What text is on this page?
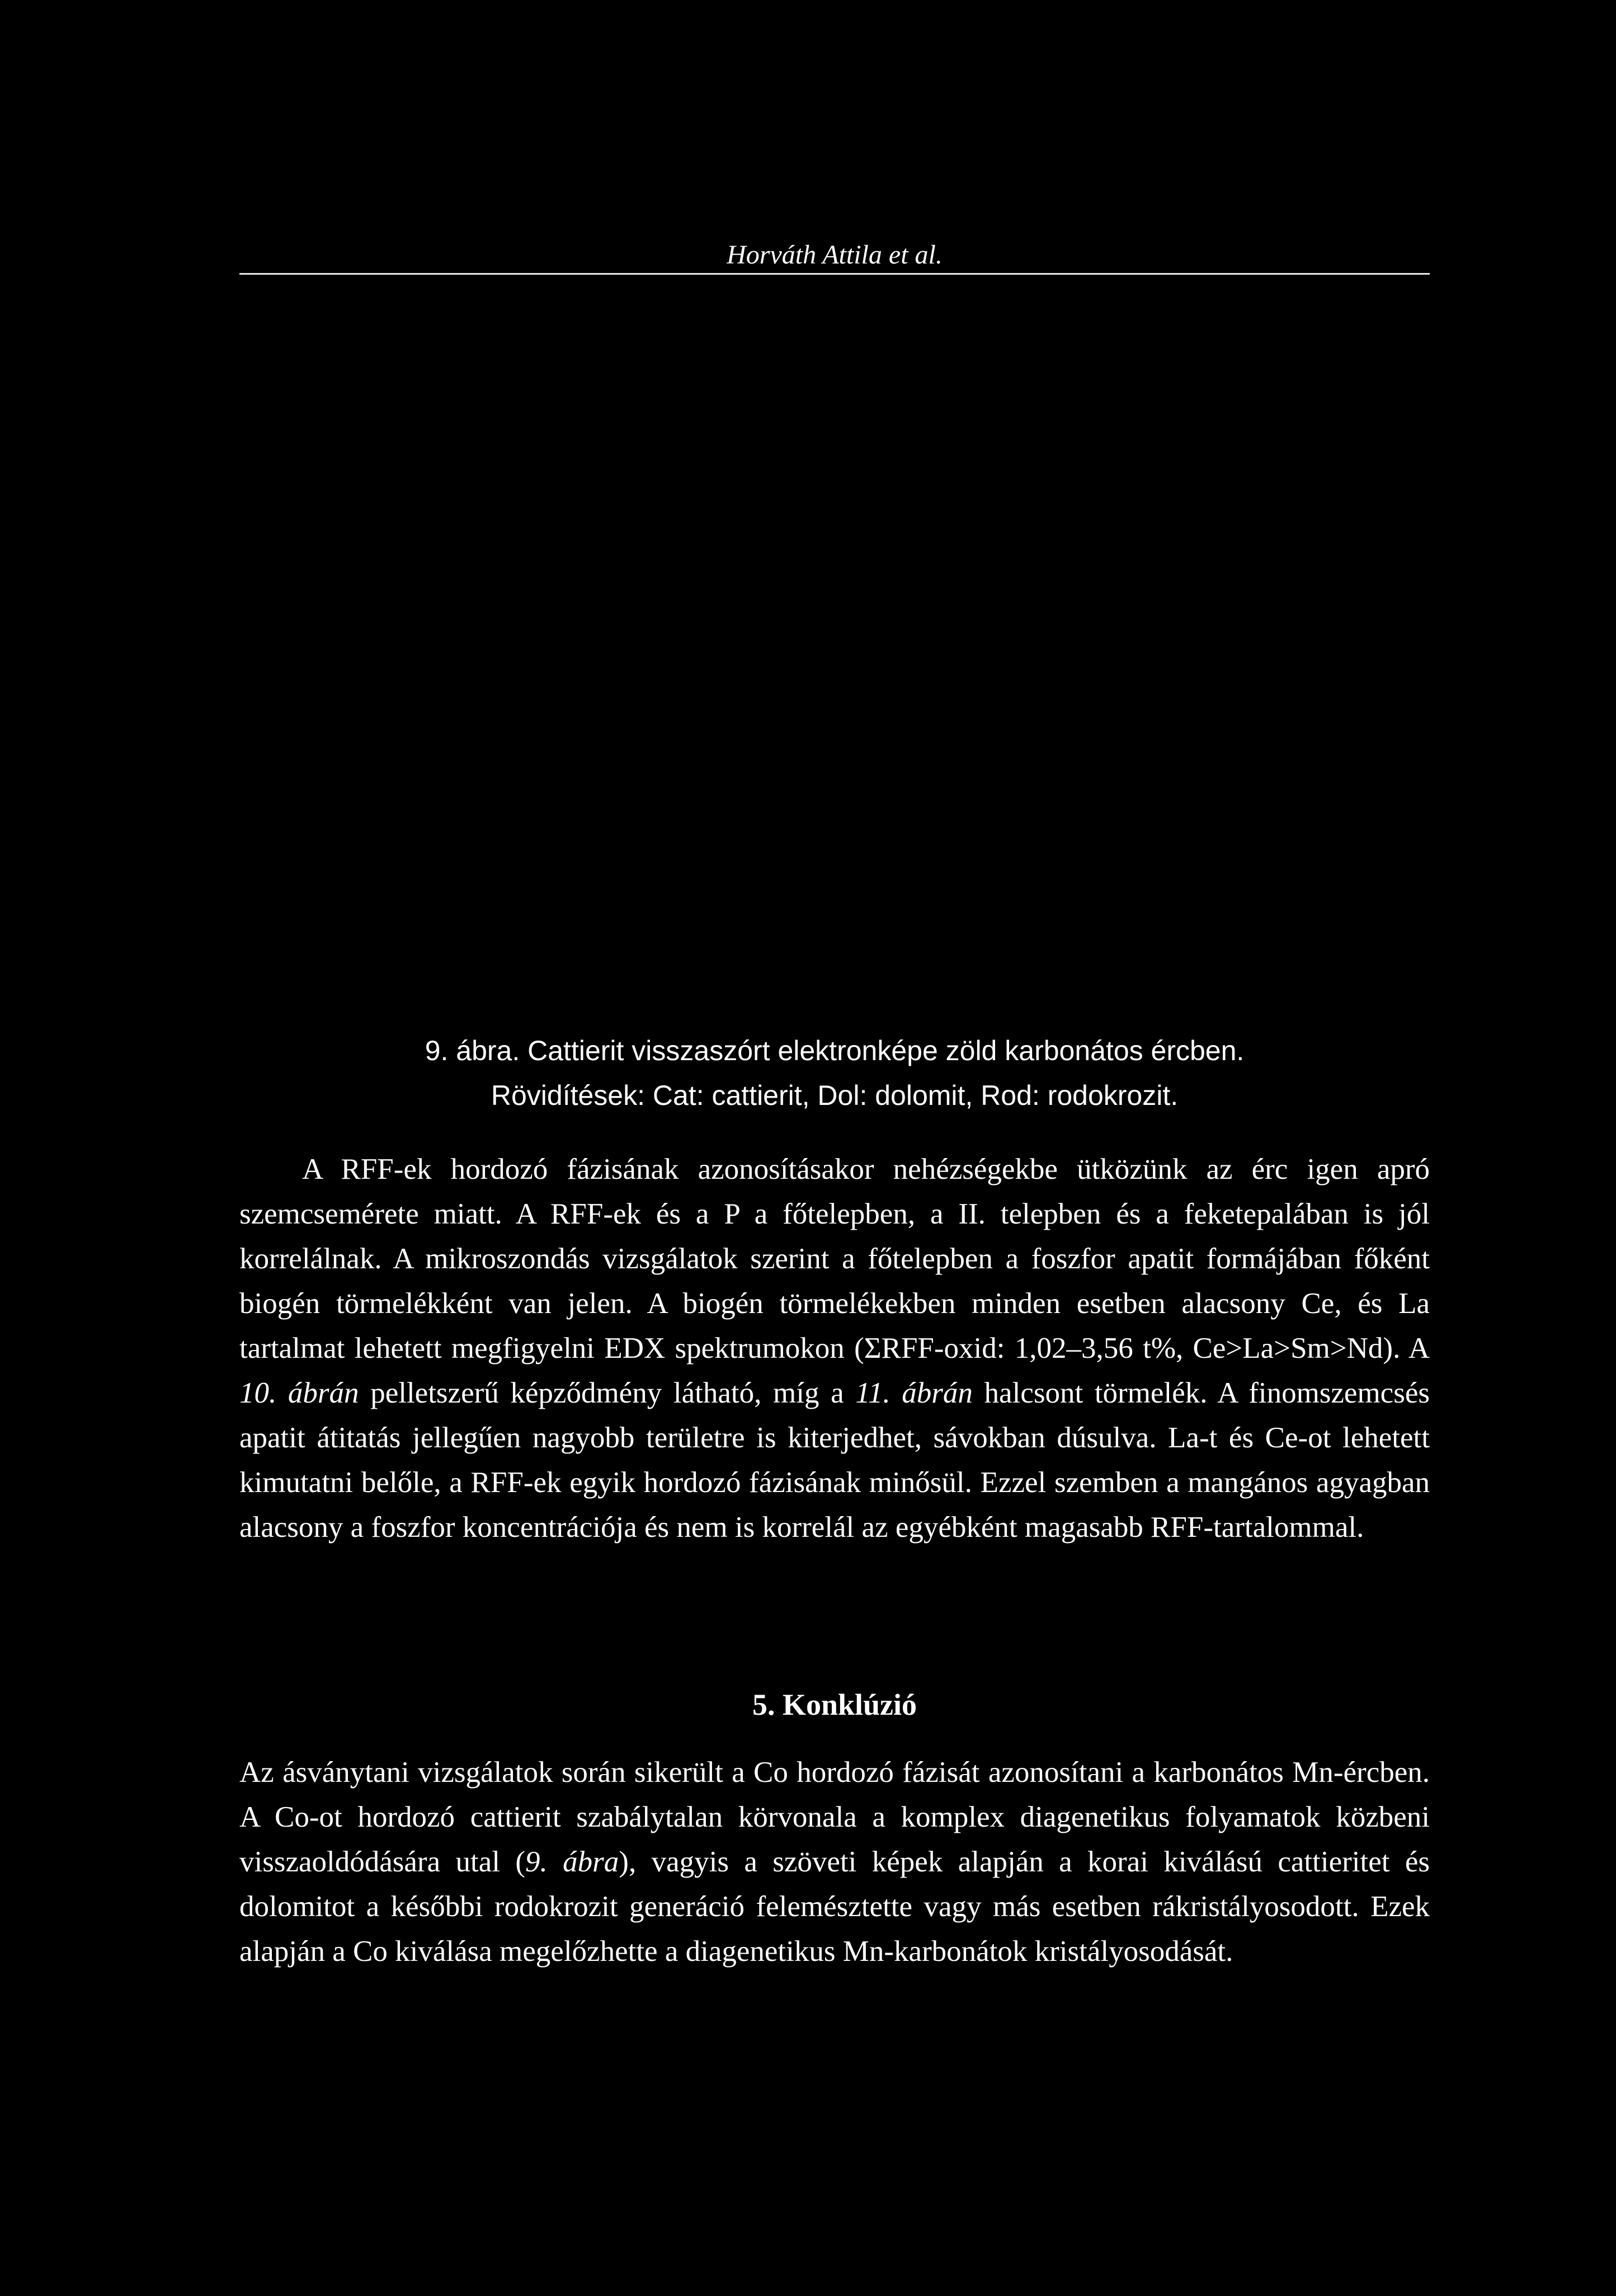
Horváth Attila et al.
9. ábra. Cattierit visszaszórt elektronképe zöld karbonátos ércben.
Rövidítések: Cat: cattierit, Dol: dolomit, Rod: rodokrozit.

A RFF-ek hordozó fázisának azonosításakor nehézségekbe ütközünk az érc igen apró szemcsemérete miatt. A RFF-ek és a P a főtelepben, a II. telepben és a feketepalában is jól korrelálnak. A mikroszondás vizsgálatok szerint a főtelepben a foszfor apatit formájában főként biogén törmelékként van jelen. A biogén törmelékekben minden esetben alacsony Ce, és La tartalmat lehetett megfigyelni EDX spektrumokon (ΣRFF-oxid: 1,02–3,56 t%, Ce>La>Sm>Nd). A 10. ábrán pelletszerű képződmény látható, míg a 11. ábrán halcsont törmelék. A finomszemcsés apatit átitatás jellegűen nagyobb területre is kiterjedhet, sávokban dúsulva. La-t és Ce-ot lehetett kimutatni belőle, a RFF-ek egyik hordozó fázisának minősül. Ezzel szemben a mangános agyagban alacsony a foszfor koncentrációja és nem is korrelál az egyébként magasabb RFF-tartalommal.

5. Konklúzió

Az ásványtani vizsgálatok során sikerült a Co hordozó fázisát azonosítani a karbonátos Mn-ércben. A Co-ot hordozó cattierit szabálytalan körvonala a komplex diagenetikus folyamatok közbeni visszaoldódására utal (9. ábra), vagyis a szöveti képek alapján a korai kiválású cattieritet és dolomitot a későbbi rodokrozit generáció felemésztette vagy más esetben rákristályosodott. Ezek alapján a Co kiválása megelőzhette a diagenetikus Mn-karbonátok kristályosodását.
